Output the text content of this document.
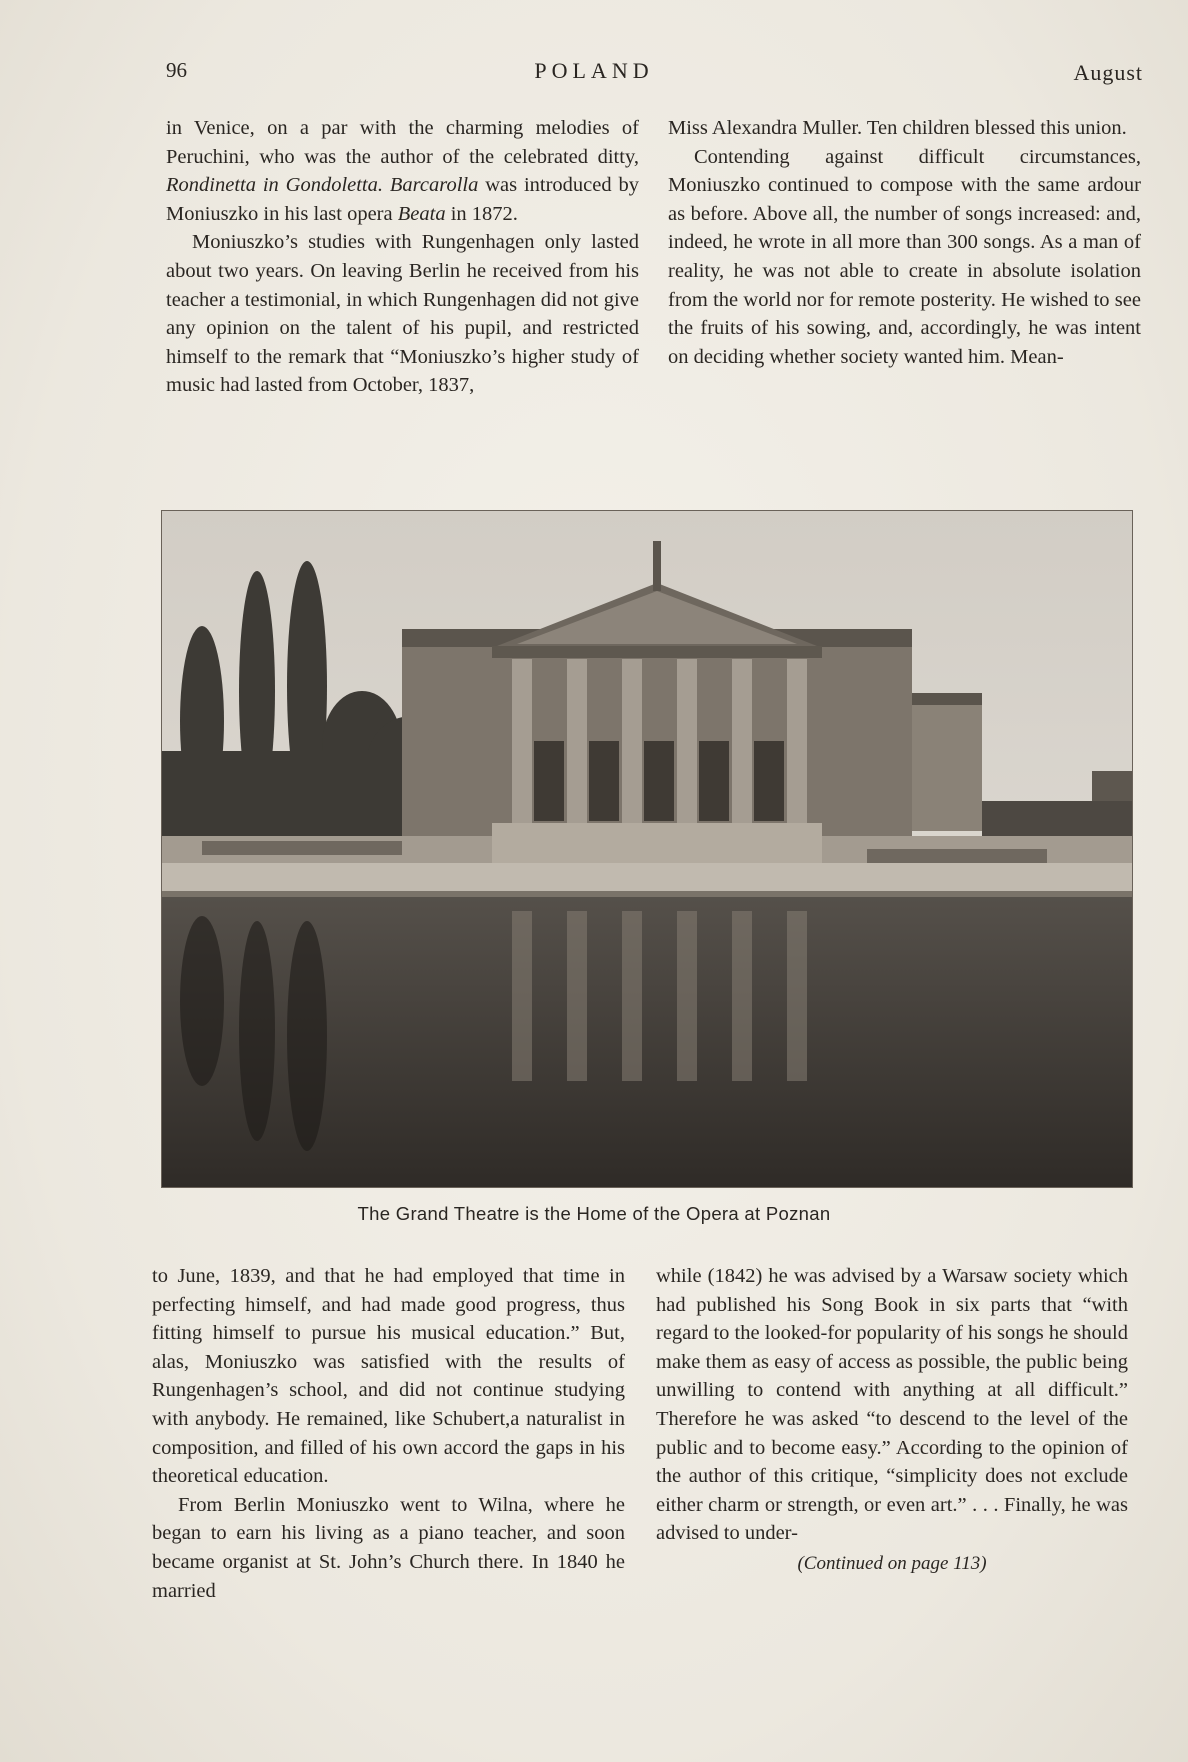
96	POLAND	August

in Venice, on a par with the charming melodies of Peruchini, who was the author of the celebrated ditty, Rondinetta in Gondoletta. Barcarolla was introduced by Moniuszko in his last opera Beata in 1872.

Moniuszko’s studies with Rungenhagen only lasted about two years. On leaving Berlin he received from his teacher a testimonial, in which Rungenhagen did not give any opinion on the talent of his pupil, and restricted himself to the remark that “Moniuszko’s higher study of music had lasted from October, 1837,

Miss Alexandra Muller. Ten children blessed this union.

Contending against difficult circumstances, Moniuszko continued to compose with the same ardour as before. Above all, the number of songs increased: and, indeed, he wrote in all more than 300 songs. As a man of reality, he was not able to create in absolute isolation from the world nor for remote posterity. He wished to see the fruits of his sowing, and, accordingly, he was intent on deciding whether society wanted him. Mean-

The Grand Theatre is the Home of the Opera at Poznan

to June, 1839, and that he had employed that time in perfecting himself, and had made good progress, thus fitting himself to pursue his musical education.” But, alas, Moniuszko was satisfied with the results of Rungenhagen’s school, and did not continue studying with anybody. He remained, like Schubert,a naturalist in composition, and filled of his own accord the gaps in his theoretical education.

From Berlin Moniuszko went to Wilna, where he began to earn his living as a piano teacher, and soon became organist at St. John’s Church there. In 1840 he married

while (1842) he was advised by a Warsaw society which had published his Song Book in six parts that “with regard to the looked-for popularity of his songs he should make them as easy of access as possible, the public being unwilling to contend with anything at all difficult.” Therefore he was asked “to descend to the level of the public and to become easy.” According to the opinion of the author of this critique, “simplicity does not exclude either charm or strength, or even art.” . . . Finally, he was advised to under-

(Continued on page 113)
